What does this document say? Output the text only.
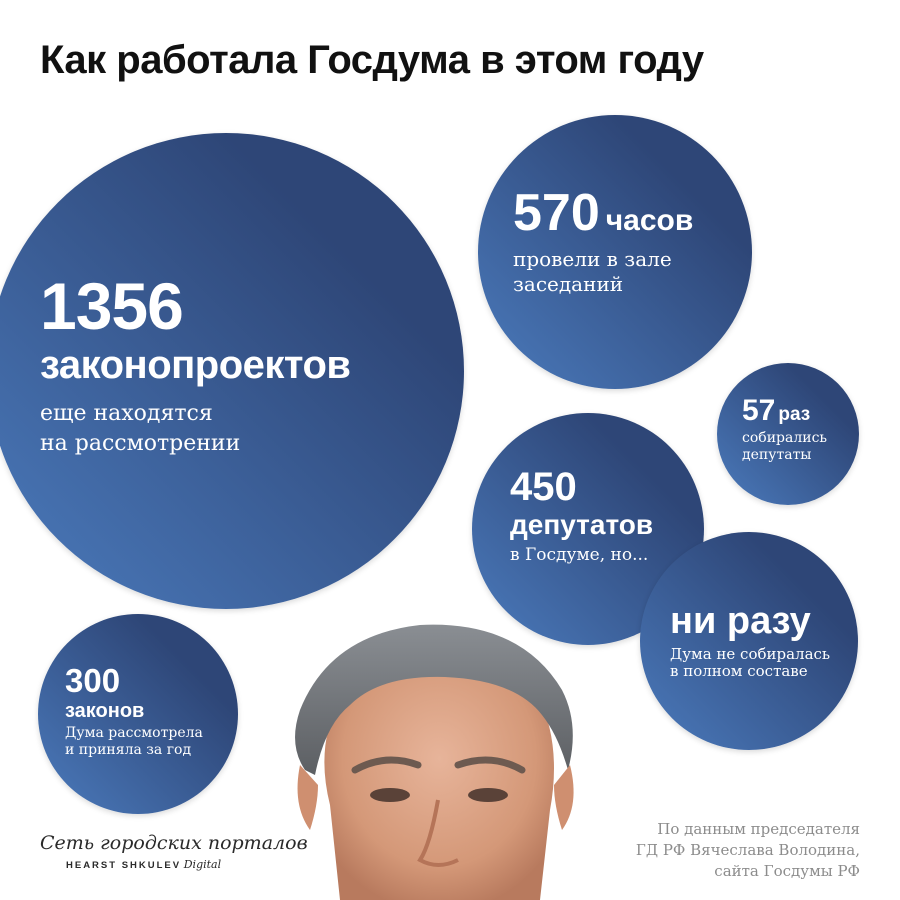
Как работала Госдума в этом году
1356
законопроектов
еще находятся
на рассмотрении
570 часов
провели в зале
заседаний
57 раз
собирались
депутаты
450
депутатов
в Госдуме, но...
ни разу
Дума не собиралась
в полном составе
300
законов
Дума рассмотрела
и приняла за год
Сеть городских порталов
HEARST SHKULEV Digital
По данным председателя
ГД РФ Вячеслава Володина,
сайта Госдумы РФ
